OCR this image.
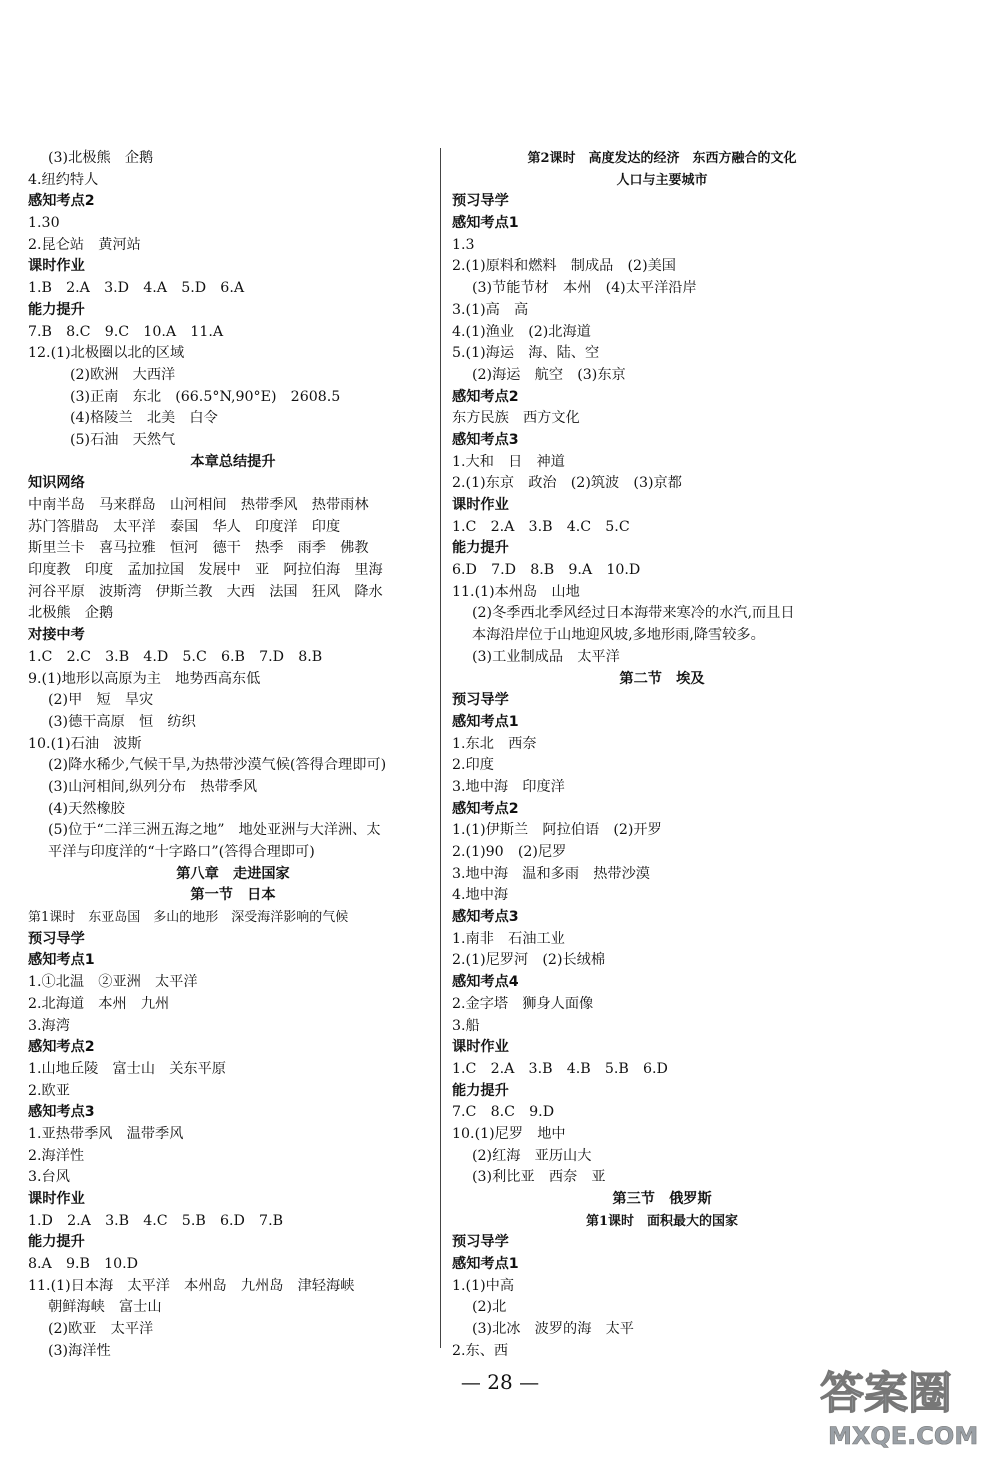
(3)北极熊　企鹅
4.纽约特人
感知考点2
1.30
2.昆仑站　黄河站
课时作业
1.B　2.A　3.D　4.A　5.D　6.A
能力提升
7.B　8.C　9.C　10.A　11.A
12.(1)北极圈以北的区域
(2)欧洲　大西洋
(3)正南　东北　(66.5°N,90°E)　2608.5
(4)格陵兰　北美　白令
(5)石油　天然气
本章总结提升
知识网络
中南半岛　马来群岛　山河相间　热带季风　热带雨林
苏门答腊岛　太平洋　泰国　华人　印度洋　印度
斯里兰卡　喜马拉雅　恒河　德干　热季　雨季　佛教
印度教　印度　孟加拉国　发展中　亚　阿拉伯海　里海
河谷平原　波斯湾　伊斯兰教　大西　法国　狂风　降水
北极熊　企鹅
对接中考
1.C　2.C　3.B　4.D　5.C　6.B　7.D　8.B
9.(1)地形以高原为主　地势西高东低
(2)甲　短　旱灾
(3)德干高原　恒　纺织
10.(1)石油　波斯
(2)降水稀少,气候干旱,为热带沙漠气候(答得合理即可)
(3)山河相间,纵列分布　热带季风
(4)天然橡胶
(5)位于“二洋三洲五海之地”　地处亚洲与大洋洲、太
平洋与印度洋的“十字路口”(答得合理即可)
第八章　走进国家
第一节　日本
第1课时　东亚岛国　多山的地形　深受海洋影响的气候
预习导学
感知考点1
1.①北温　②亚洲　太平洋
2.北海道　本州　九州
3.海湾
感知考点2
1.山地丘陵　富士山　关东平原
2.欧亚
感知考点3
1.亚热带季风　温带季风
2.海洋性
3.台风
课时作业
1.D　2.A　3.B　4.C　5.B　6.D　7.B
能力提升
8.A　9.B　10.D
11.(1)日本海　太平洋　本州岛　九州岛　津轻海峡
朝鲜海峡　富士山
(2)欧亚　太平洋
(3)海洋性
第2课时　高度发达的经济　东西方融合的文化
人口与主要城市
预习导学
感知考点1
1.3
2.(1)原料和燃料　制成品　(2)美国
(3)节能节材　本州　(4)太平洋沿岸
3.(1)高　高
4.(1)渔业　(2)北海道
5.(1)海运　海、陆、空
(2)海运　航空　(3)东京
感知考点2
东方民族　西方文化
感知考点3
1.大和　日　神道
2.(1)东京　政治　(2)筑波　(3)京都
课时作业
1.C　2.A　3.B　4.C　5.C
能力提升
6.D　7.D　8.B　9.A　10.D
11.(1)本州岛　山地
(2)冬季西北季风经过日本海带来寒冷的水汽,而且日
本海沿岸位于山地迎风坡,多地形雨,降雪较多。
(3)工业制成品　太平洋
第二节　埃及
预习导学
感知考点1
1.东北　西奈
2.印度
3.地中海　印度洋
感知考点2
1.(1)伊斯兰　阿拉伯语　(2)开罗
2.(1)90　(2)尼罗
3.地中海　温和多雨　热带沙漠
4.地中海
感知考点3
1.南非　石油工业
2.(1)尼罗河　(2)长绒棉
感知考点4
2.金字塔　狮身人面像
3.船
课时作业
1.C　2.A　3.B　4.B　5.B　6.D
能力提升
7.C　8.C　9.D
10.(1)尼罗　地中
(2)红海　亚历山大
(3)利比亚　西奈　亚
第三节　俄罗斯
第1课时　面积最大的国家
预习导学
感知考点1
1.(1)中高
(2)北
(3)北冰　波罗的海　太平
2.东、西
— 28 —	答案圈
MXQE.COM
